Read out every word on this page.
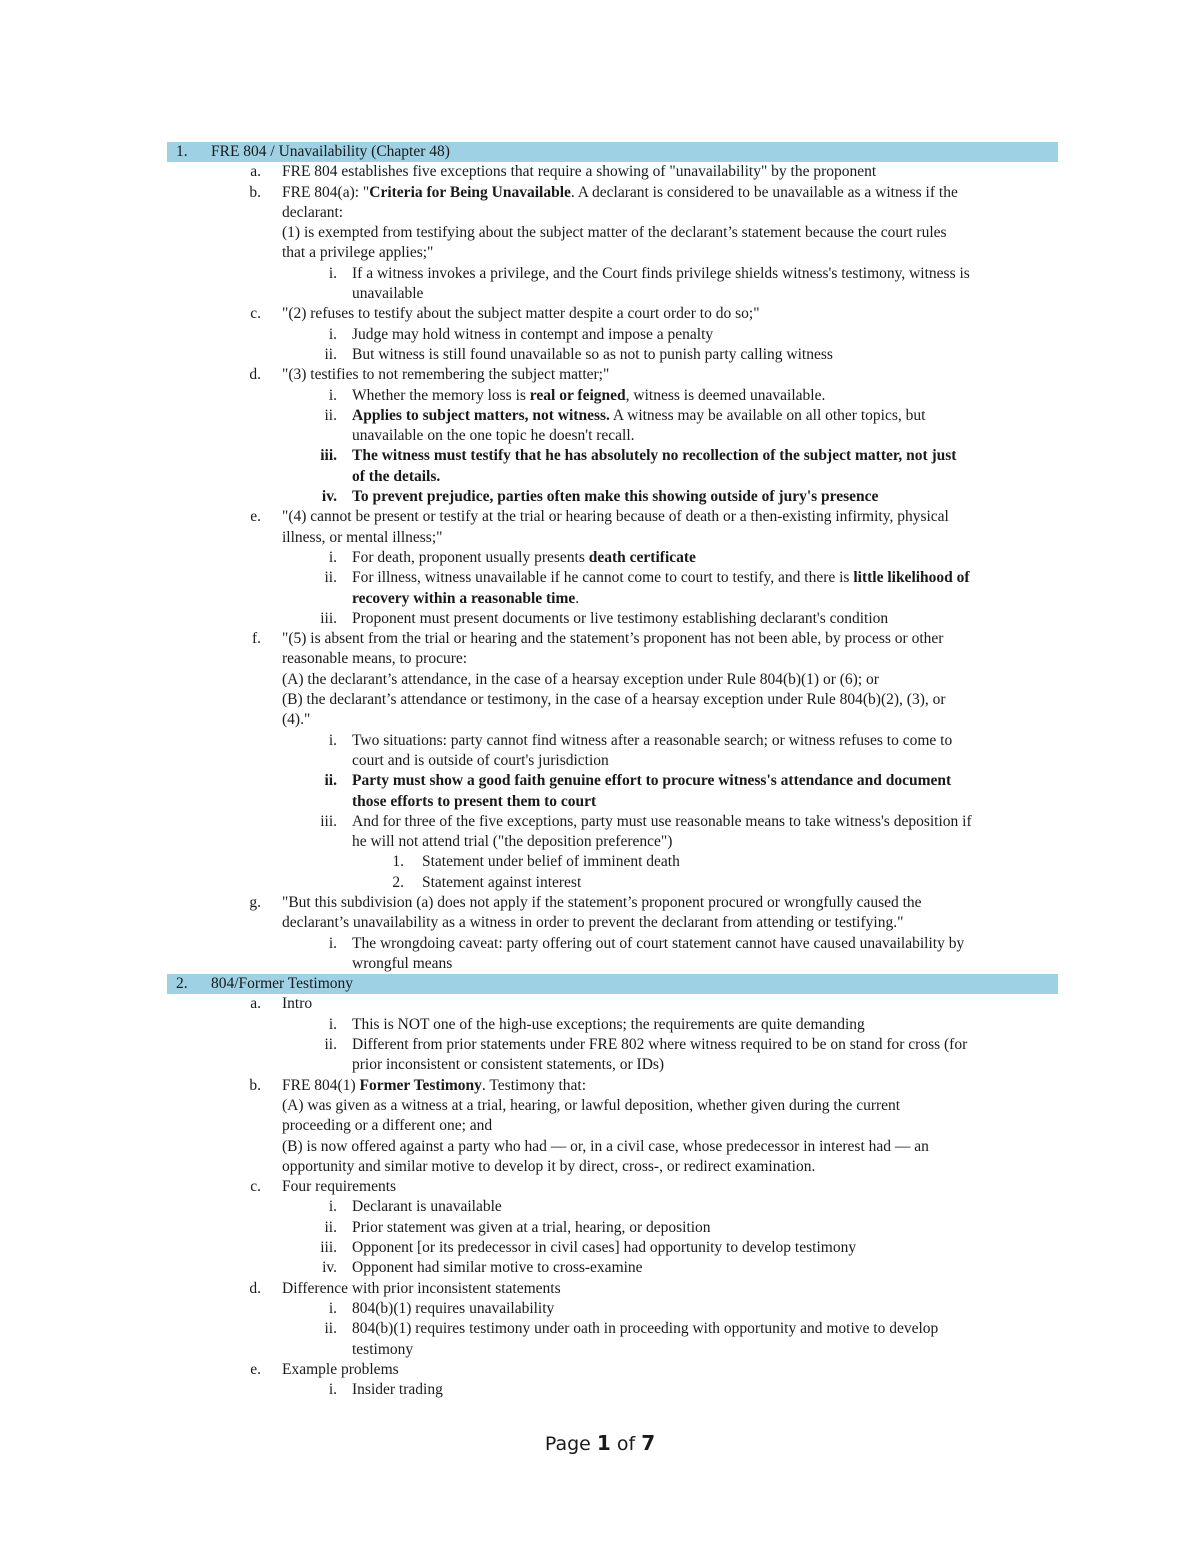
1. FRE 804 / Unavailability (Chapter 48)
a. FRE 804 establishes five exceptions that require a showing of "unavailability" by the proponent
b. FRE 804(a): "Criteria for Being Unavailable. A declarant is considered to be unavailable as a witness if the
declarant:
(1) is exempted from testifying about the subject matter of the declarant’s statement because the court rules
that a privilege applies;"
i. If a witness invokes a privilege, and the Court finds privilege shields witness's testimony, witness is
unavailable
c. "(2) refuses to testify about the subject matter despite a court order to do so;"
i. Judge may hold witness in contempt and impose a penalty
ii. But witness is still found unavailable so as not to punish party calling witness
d. "(3) testifies to not remembering the subject matter;"
i. Whether the memory loss is real or feigned, witness is deemed unavailable.
ii. Applies to subject matters, not witness. A witness may be available on all other topics, but
unavailable on the one topic he doesn't recall.
iii. The witness must testify that he has absolutely no recollection of the subject matter, not just
of the details.
iv. To prevent prejudice, parties often make this showing outside of jury's presence
e. "(4) cannot be present or testify at the trial or hearing because of death or a then-existing infirmity, physical
illness, or mental illness;"
i. For death, proponent usually presents death certificate
ii. For illness, witness unavailable if he cannot come to court to testify, and there is little likelihood of
recovery within a reasonable time.
iii. Proponent must present documents or live testimony establishing declarant's condition
f. "(5) is absent from the trial or hearing and the statement’s proponent has not been able, by process or other
reasonable means, to procure:
(A) the declarant’s attendance, in the case of a hearsay exception under Rule 804(b)(1) or (6); or
(B) the declarant’s attendance or testimony, in the case of a hearsay exception under Rule 804(b)(2), (3), or
(4)."
i. Two situations: party cannot find witness after a reasonable search; or witness refuses to come to
court and is outside of court's jurisdiction
ii. Party must show a good faith genuine effort to procure witness's attendance and document
those efforts to present them to court
iii. And for three of the five exceptions, party must use reasonable means to take witness's deposition if
he will not attend trial ("the deposition preference")
1. Statement under belief of imminent death
2. Statement against interest
g. "But this subdivision (a) does not apply if the statement’s proponent procured or wrongfully caused the
declarant’s unavailability as a witness in order to prevent the declarant from attending or testifying."
i. The wrongdoing caveat: party offering out of court statement cannot have caused unavailability by
wrongful means
2. 804/Former Testimony
a. Intro
i. This is NOT one of the high-use exceptions; the requirements are quite demanding
ii. Different from prior statements under FRE 802 where witness required to be on stand for cross (for
prior inconsistent or consistent statements, or IDs)
b. FRE 804(1) Former Testimony. Testimony that:
(A) was given as a witness at a trial, hearing, or lawful deposition, whether given during the current
proceeding or a different one; and
(B) is now offered against a party who had — or, in a civil case, whose predecessor in interest had — an
opportunity and similar motive to develop it by direct, cross-, or redirect examination.
c. Four requirements
i. Declarant is unavailable
ii. Prior statement was given at a trial, hearing, or deposition
iii. Opponent [or its predecessor in civil cases] had opportunity to develop testimony
iv. Opponent had similar motive to cross-examine
d. Difference with prior inconsistent statements
i. 804(b)(1) requires unavailability
ii. 804(b)(1) requires testimony under oath in proceeding with opportunity and motive to develop
testimony
e. Example problems
i. Insider trading
Page 1 of 7
